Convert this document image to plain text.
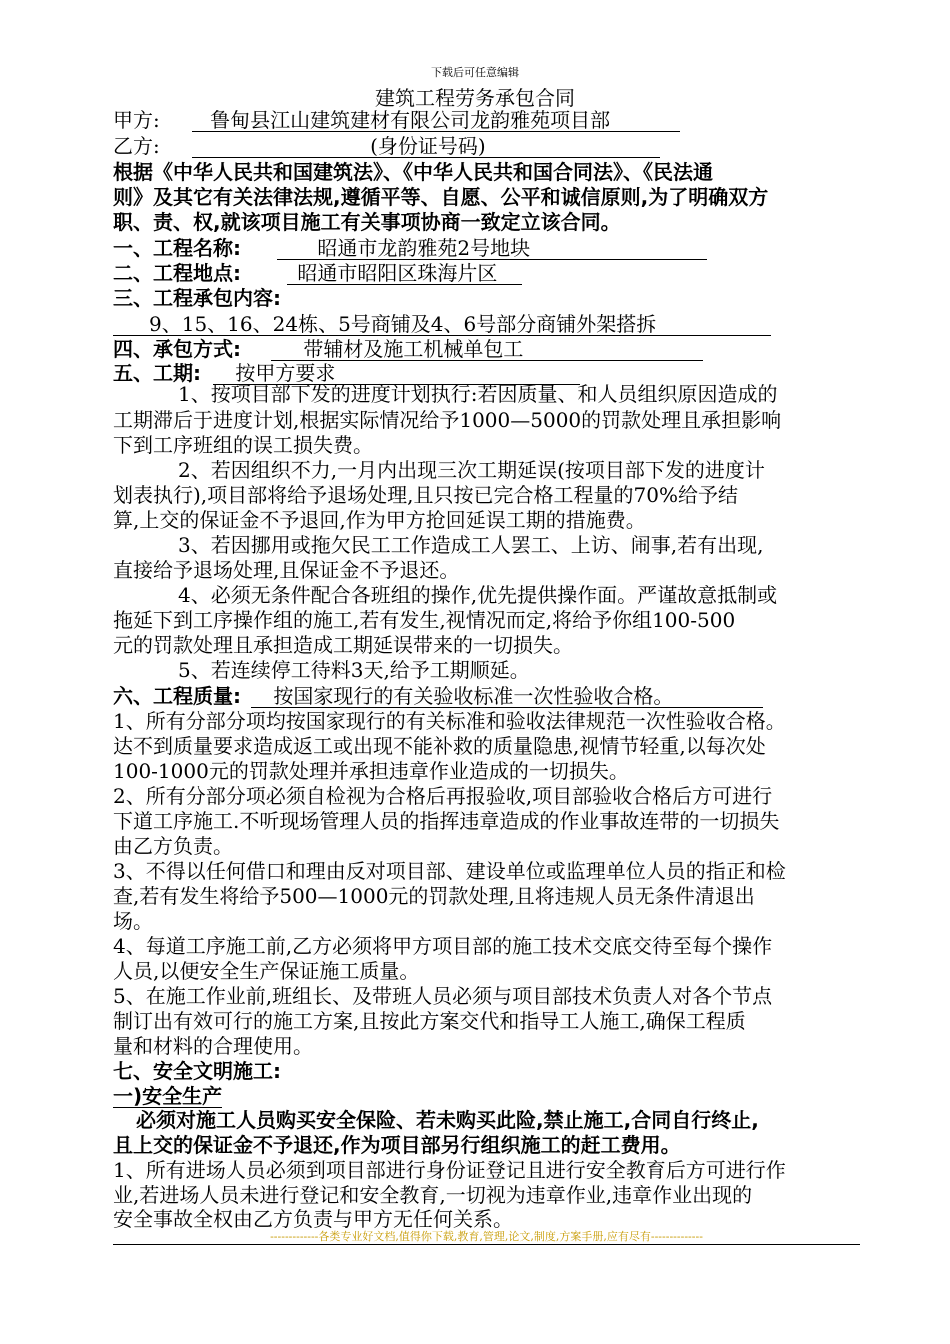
下载后可任意编辑
建筑工程劳务承包合同
甲方:	鲁甸县江山建筑建材有限公司龙韵雅苑项目部
乙方:	(身份证号码)
根据《中华人民共和国建筑法》、《中华人民共和国合同法》、《民法通
则》及其它有关法律法规,遵循平等、自愿、公平和诚信原则,为了明确双方
职、责、权,就该项目施工有关事项协商一致定立该合同。
一、工程名称:	昭通市龙韵雅苑2号地块
二、工程地点:	昭通市昭阳区珠海片区
三、工程承包内容:
9、15、16、24栋、5号商铺及4、6号部分商铺外架搭拆
四、承包方式:	带辅材及施工机械单包工
五、工期: 按甲方要求
1、按项目部下发的进度计划执行:若因质量、和人员组织原因造成的
工期滞后于进度计划,根据实际情况给予1000—5000的罚款处理且承担影响
下到工序班组的误工损失费。
2、若因组织不力,一月内出现三次工期延误(按项目部下发的进度计
划表执行),项目部将给予退场处理,且只按已完合格工程量的70%给予结
算,上交的保证金不予退回,作为甲方抢回延误工期的措施费。
3、若因挪用或拖欠民工工作造成工人罢工、上访、闹事,若有出现,
直接给予退场处理,且保证金不予退还。
4、必须无条件配合各班组的操作,优先提供操作面。严谨故意抵制或
拖延下到工序操作组的施工,若有发生,视情况而定,将给予你组100-500
元的罚款处理且承担造成工期延误带来的一切损失。
5、若连续停工待料3天,给予工期顺延。
六、工程质量: 按国家现行的有关验收标准一次性验收合格。
1、所有分部分项均按国家现行的有关标准和验收法律规范一次性验收合格。
达不到质量要求造成返工或出现不能补救的质量隐患,视情节轻重,以每次处
100-1000元的罚款处理并承担违章作业造成的一切损失。
2、所有分部分项必须自检视为合格后再报验收,项目部验收合格后方可进行
下道工序施工.不听现场管理人员的指挥违章造成的作业事故连带的一切损失
由乙方负责。
3、不得以任何借口和理由反对项目部、建设单位或监理单位人员的指正和检
查,若有发生将给予500—1000元的罚款处理,且将违规人员无条件清退出
场。
4、每道工序施工前,乙方必须将甲方项目部的施工技术交底交待至每个操作
人员,以便安全生产保证施工质量。
5、在施工作业前,班组长、及带班人员必须与项目部技术负责人对各个节点
制订出有效可行的施工方案,且按此方案交代和指导工人施工,确保工程质
量和材料的合理使用。
七、安全文明施工:
一)安全生产
必须对施工人员购买安全保险、若未购买此险,禁止施工,合同自行终止,
且上交的保证金不予退还,作为项目部另行组织施工的赶工费用。
1、所有进场人员必须到项目部进行身份证登记且进行安全教育后方可进行作
业,若进场人员未进行登记和安全教育,一切视为违章作业,违章作业出现的
安全事故全权由乙方负责与甲方无任何关系。
-------------各类专业好文档,值得你下载,教育,管理,论文,制度,方案手册,应有尽有--------------
